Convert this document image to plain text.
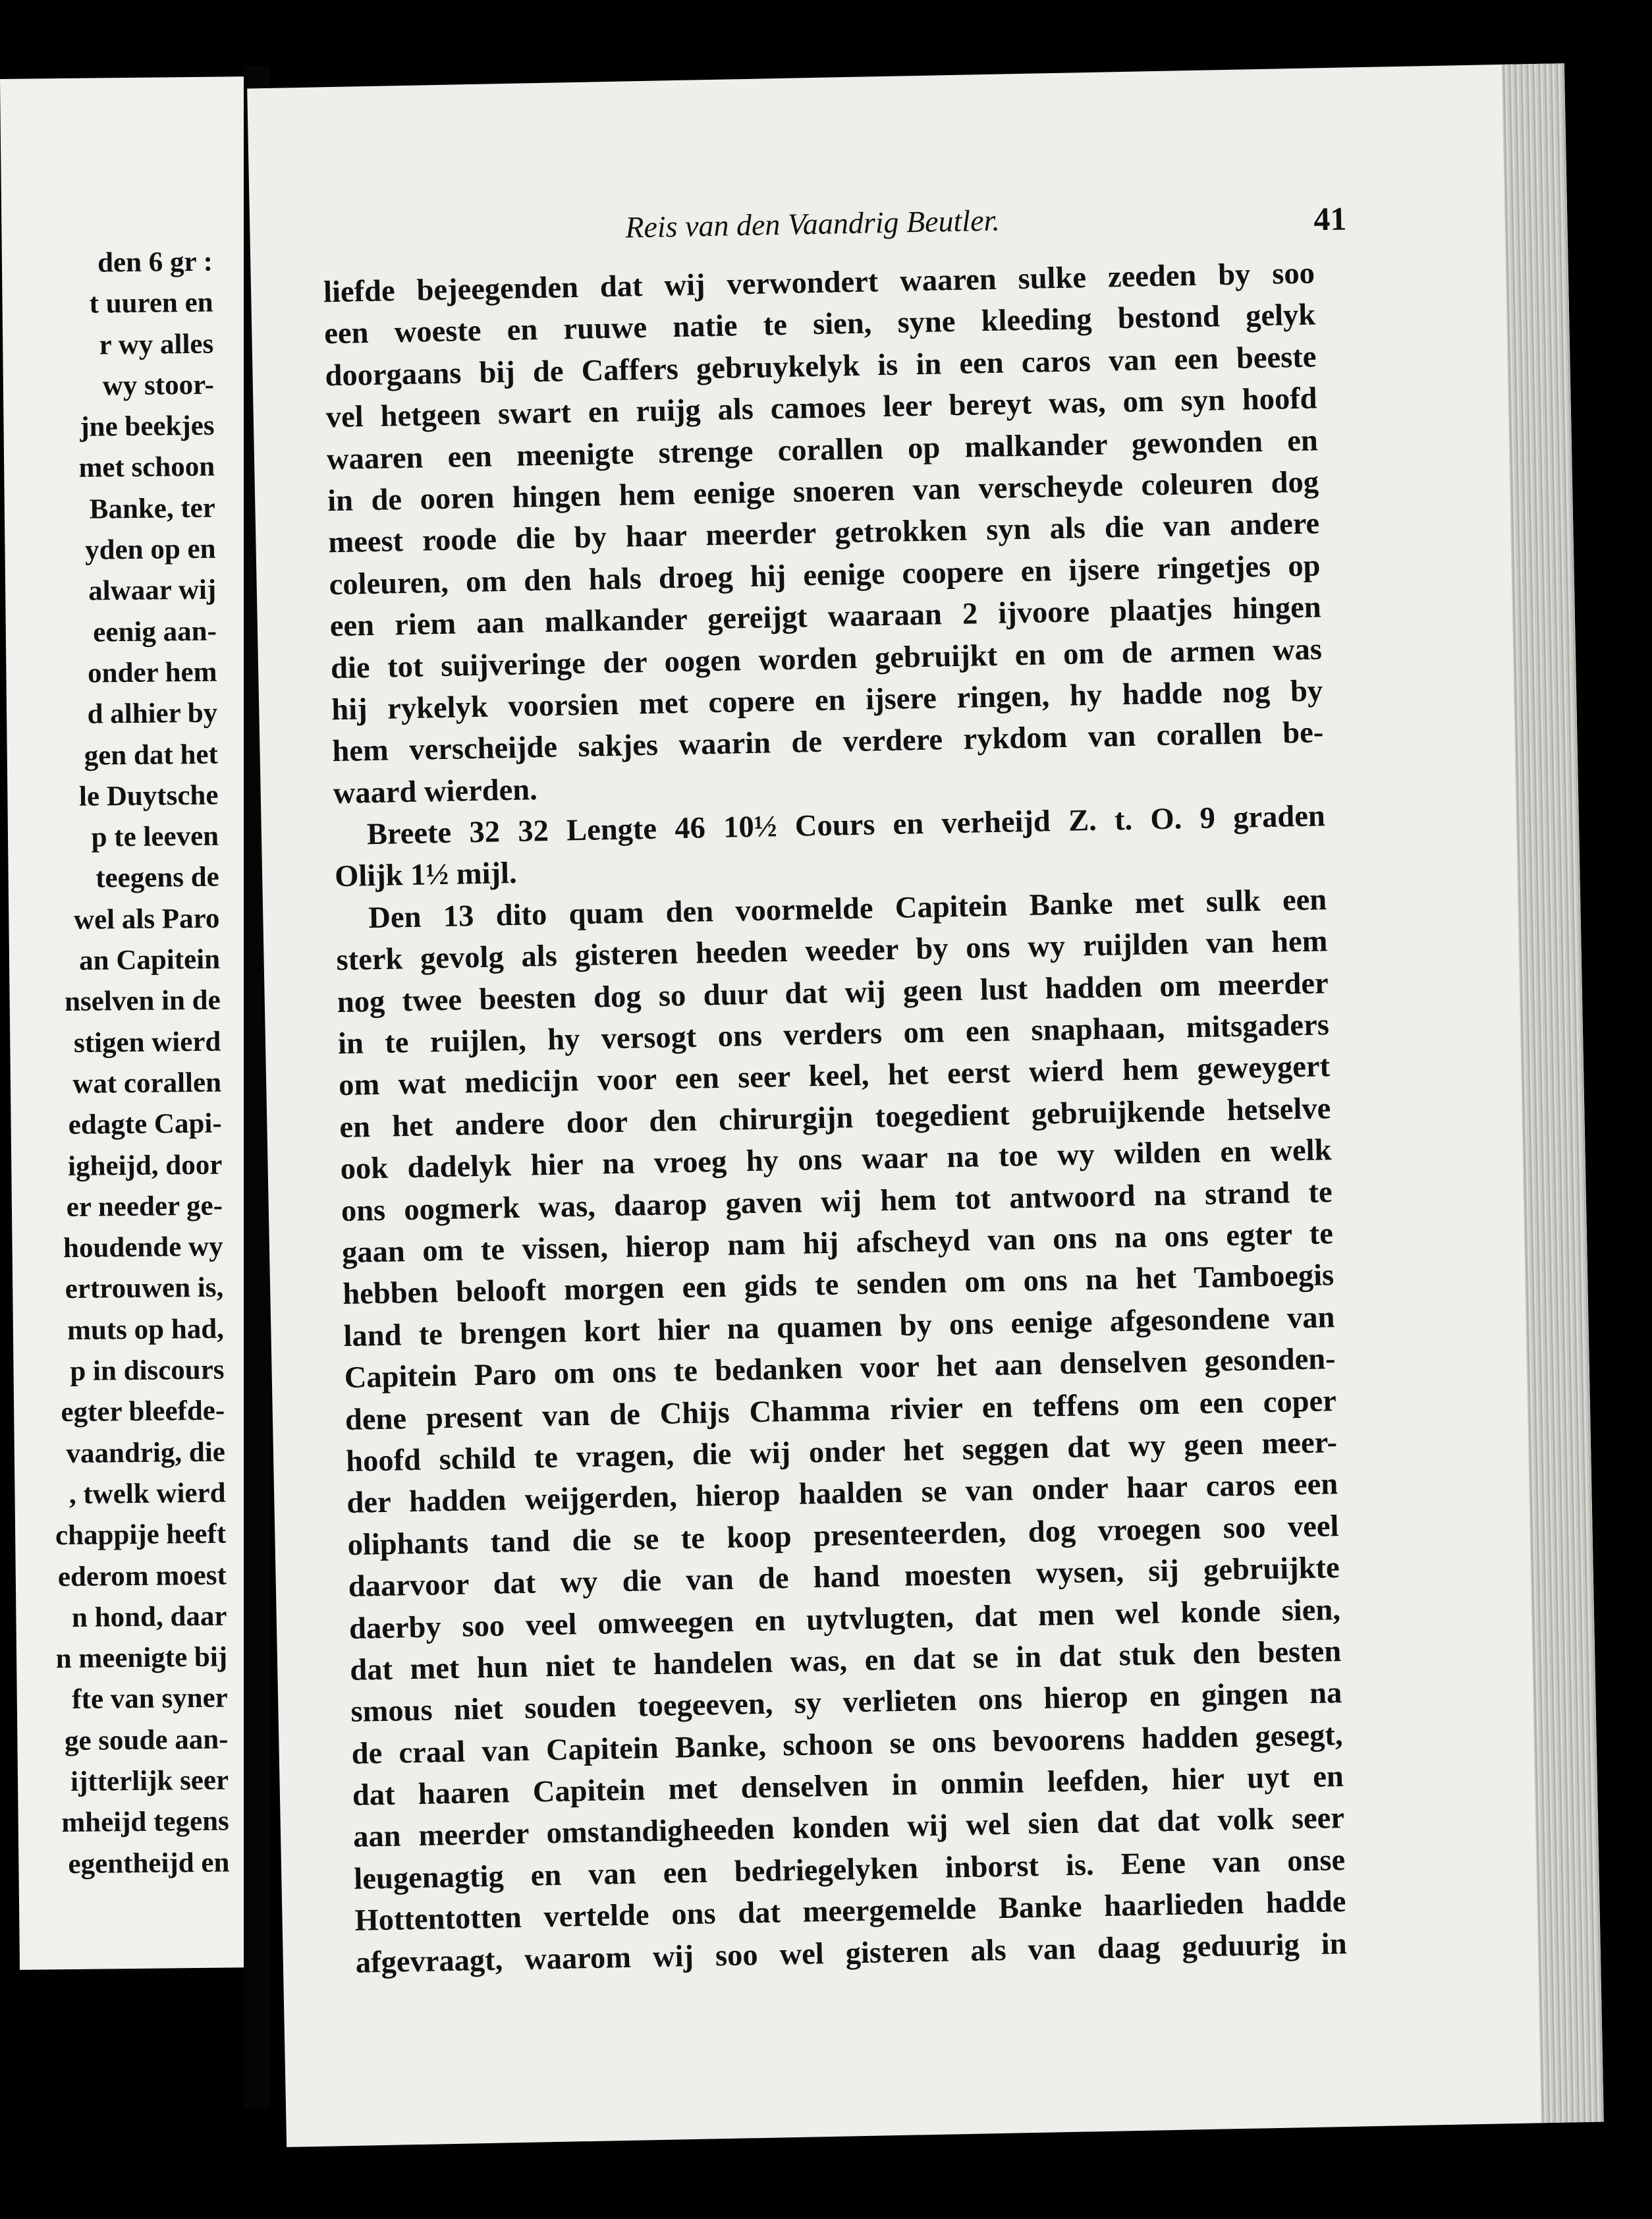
den 6 gr :
t uuren en
r wy alles
wy stoor-
jne beekjes
met schoon
Banke, ter
yden op en
alwaar wij
eenig aan-
onder hem
d alhier by
gen dat het
le Duytsche
p te leeven
teegens de
wel als Paro
an Capitein
nselven in de
stigen wierd
wat corallen
edagte Capi-
igheijd, door
er needer ge-
houdende wy
ertrouwen is,
muts op had,
p in discours
egter bleefde-
vaandrig, die
, twelk wierd
chappije heeft
ederom moest
n hond, daar
n meenigte bij
fte van syner
ge soude aan-
ijtterlijk seer
mheijd tegens
egentheijd en
Reis van den Vaandrig Beutler.	41
liefde bejeegenden dat wij verwondert waaren sulke zeeden by soo
een woeste en ruuwe natie te sien, syne kleeding bestond gelyk
doorgaans bij de Caffers gebruykelyk is in een caros van een beeste
vel hetgeen swart en ruijg als camoes leer bereyt was, om syn hoofd
waaren een meenigte strenge corallen op malkander gewonden en
in de ooren hingen hem eenige snoeren van verscheyde coleuren dog
meest roode die by haar meerder getrokken syn als die van andere
coleuren, om den hals droeg hij eenige coopere en ijsere ringetjes op
een riem aan malkander gereijgt waaraan 2 ijvoore plaatjes hingen
die tot suijveringe der oogen worden gebruijkt en om de armen was
hij rykelyk voorsien met copere en ijsere ringen, hy hadde nog by
hem verscheijde sakjes waarin de verdere rykdom van corallen be-
waard wierden.
Breete 32 32 Lengte 46 10½ Cours en verheijd Z. t. O. 9 graden
Olijk 1½ mijl.
Den 13 dito quam den voormelde Capitein Banke met sulk een
sterk gevolg als gisteren heeden weeder by ons wy ruijlden van hem
nog twee beesten dog so duur dat wij geen lust hadden om meerder
in te ruijlen, hy versogt ons verders om een snaphaan, mitsgaders
om wat medicijn voor een seer keel, het eerst wierd hem geweygert
en het andere door den chirurgijn toegedient gebruijkende hetselve
ook dadelyk hier na vroeg hy ons waar na toe wy wilden en welk
ons oogmerk was, daarop gaven wij hem tot antwoord na strand te
gaan om te vissen, hierop nam hij afscheyd van ons na ons egter te
hebben belooft morgen een gids te senden om ons na het Tamboegis
land te brengen kort hier na quamen by ons eenige afgesondene van
Capitein Paro om ons te bedanken voor het aan denselven gesonden-
dene present van de Chijs Chamma rivier en teffens om een coper
hoofd schild te vragen, die wij onder het seggen dat wy geen meer-
der hadden weijgerden, hierop haalden se van onder haar caros een
oliphants tand die se te koop presenteerden, dog vroegen soo veel
daarvoor dat wy die van de hand moesten wysen, sij gebruijkte
daerby soo veel omweegen en uytvlugten, dat men wel konde sien,
dat met hun niet te handelen was, en dat se in dat stuk den besten
smous niet souden toegeeven, sy verlieten ons hierop en gingen na
de craal van Capitein Banke, schoon se ons bevoorens hadden gesegt,
dat haaren Capitein met denselven in onmin leefden, hier uyt en
aan meerder omstandigheeden konden wij wel sien dat dat volk seer
leugenagtig en van een bedriegelyken inborst is. Eene van onse
Hottentotten vertelde ons dat meergemelde Banke haarlieden hadde
afgevraagt, waarom wij soo wel gisteren als van daag geduurig in
